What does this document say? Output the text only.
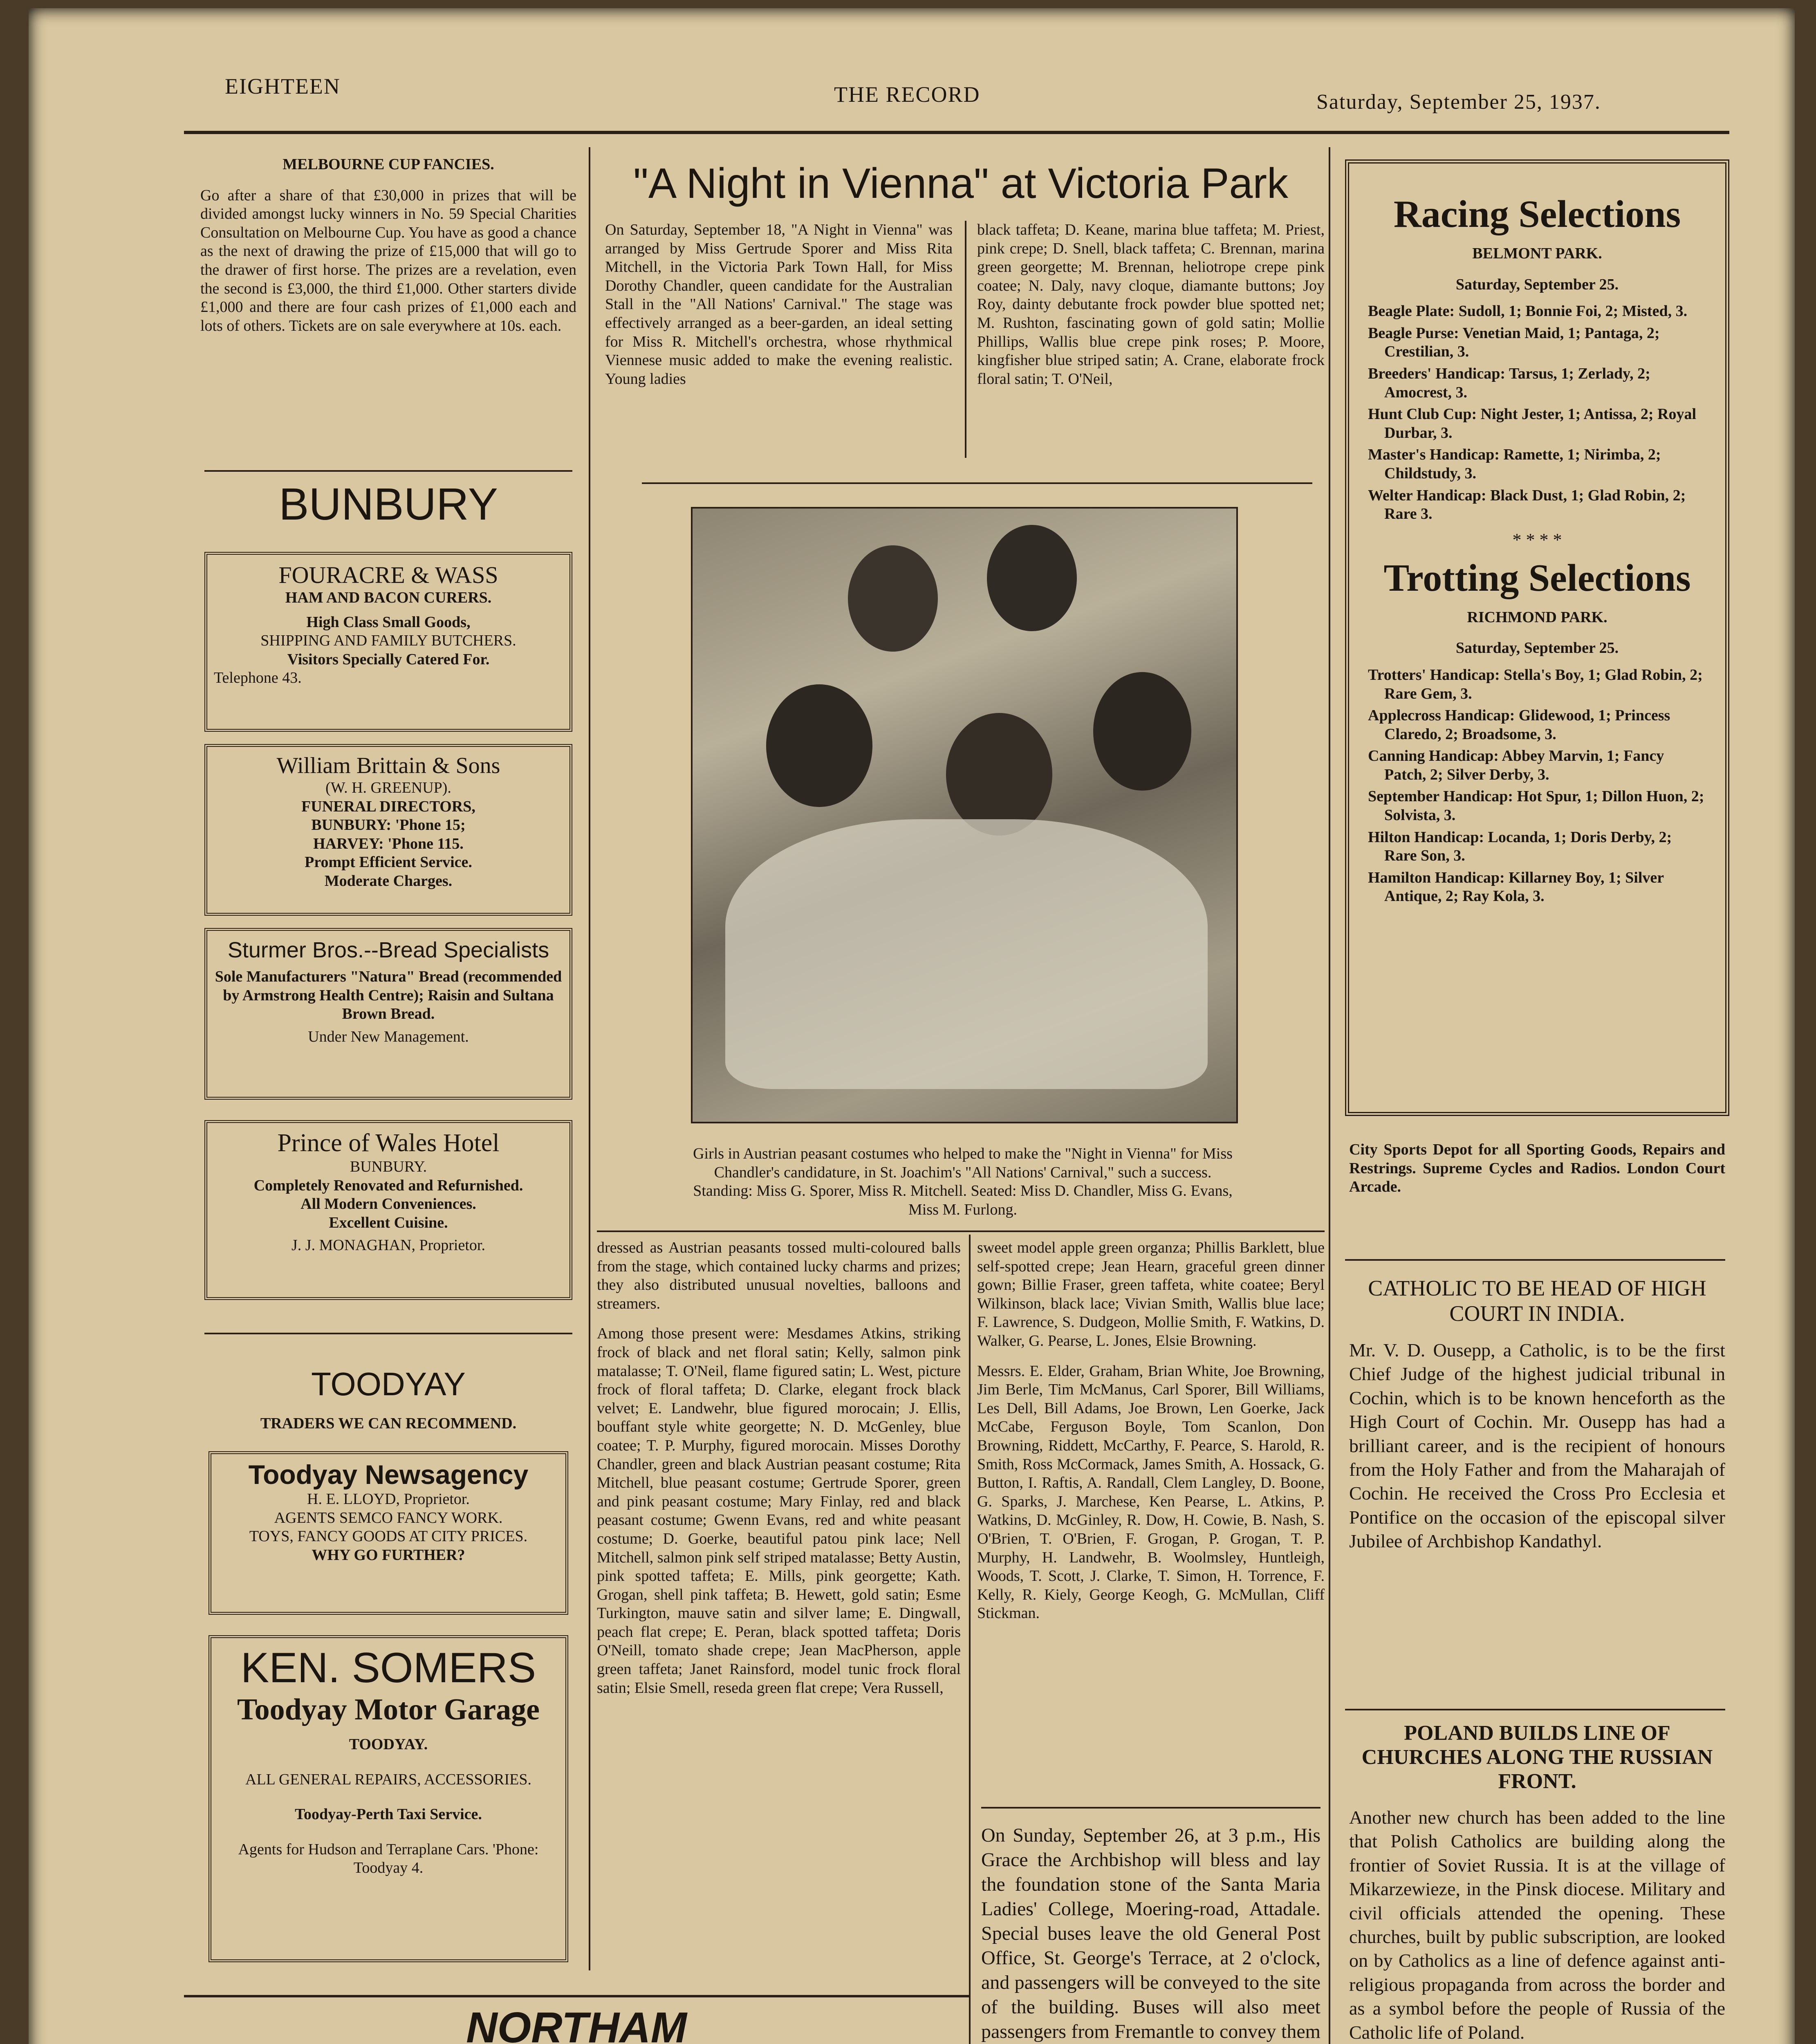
EIGHTEEN	THE RECORD	Saturday, September 25, 1937.
MELBOURNE CUP FANCIES.

Go after a share of that £30,000 in prizes that will be divided amongst lucky winners in No. 59 Special Charities Consultation on Melbourne Cup. You have as good a chance as the next of drawing the prize of £15,000 that will go to the drawer of first horse. The prizes are a revelation, even the second is £3,000, the third £1,000. Other starters divide £1,000 and there are four cash prizes of £1,000 each and lots of others. Tickets are on sale everywhere at 10s. each.

BUNBURY
FOURACRE & WASS
HAM AND BACON CURERS.
High Class Small Goods,
SHIPPING AND FAMILY BUTCHERS.
Visitors Specially Catered For.
Telephone 43.
William Brittain & Sons
(W. H. GREENUP).
FUNERAL DIRECTORS,
BUNBURY: 'Phone 15;
HARVEY: 'Phone 115.
Prompt Efficient Service.
Moderate Charges.
Sturmer Bros.--Bread Specialists
Sole Manufacturers "Natura" Bread (recommended by Armstrong Health Centre); Raisin and Sultana Brown Bread.
Under New Management.
Prince of Wales Hotel
BUNBURY.
Completely Renovated and Refurnished.
All Modern Conveniences.
Excellent Cuisine.
J. J. MONAGHAN, Proprietor.
TOODYAY
TRADERS WE CAN RECOMMEND.
Toodyay Newsagency
H. E. LLOYD, Proprietor.
AGENTS SEMCO FANCY WORK.
TOYS, FANCY GOODS AT CITY PRICES.
WHY GO FURTHER?
KEN. SOMERS
Toodyay Motor Garage
TOODYAY.
ALL GENERAL REPAIRS, ACCESSORIES.
Toodyay-Perth Taxi Service.
Agents for Hudson and Terraplane Cars. 'Phone: Toodyay 4.
"A Night in Vienna" at Victoria Park

On Saturday, September 18, "A Night in Vienna" was arranged by Miss Gertrude Sporer and Miss Rita Mitchell, in the Victoria Park Town Hall, for Miss Dorothy Chandler, queen candidate for the Australian Stall in the "All Nations' Carnival." The stage was effectively arranged as a beer-garden, an ideal setting for Miss R. Mitchell's orchestra, whose rhythmical Viennese music added to make the evening realistic. Young ladies

black taffeta; D. Keane, marina blue taffeta; M. Priest, pink crepe; D. Snell, black taffeta; C. Brennan, marina green georgette; M. Brennan, heliotrope crepe pink coatee; N. Daly, navy cloque, diamante buttons; Joy Roy, dainty debutante frock powder blue spotted net; M. Rushton, fascinating gown of gold satin; Mollie Phillips, Wallis blue crepe pink roses; P. Moore, kingfisher blue striped satin; A. Crane, elaborate frock floral satin; T. O'Neil,

Girls in Austrian peasant costumes who helped to make the "Night in Vienna" for Miss Chandler's candidature, in St. Joachim's "All Nations' Carnival," such a success. Standing: Miss G. Sporer, Miss R. Mitchell. Seated: Miss D. Chandler, Miss G. Evans, Miss M. Furlong.

dressed as Austrian peasants tossed multi-coloured balls from the stage, which contained lucky charms and prizes; they also distributed unusual novelties, balloons and streamers.

Among those present were: Mesdames Atkins, striking frock of black and net floral satin; Kelly, salmon pink matalasse; T. O'Neil, flame figured satin; L. West, picture frock of floral taffeta; D. Clarke, elegant frock black velvet; E. Landwehr, blue figured morocain; J. Ellis, bouffant style white georgette; N. D. McGenley, blue coatee; T. P. Murphy, figured morocain. Misses Dorothy Chandler, green and black Austrian peasant costume; Rita Mitchell, blue peasant costume; Gertrude Sporer, green and pink peasant costume; Mary Finlay, red and black peasant costume; Gwenn Evans, red and white peasant costume; D. Goerke, beautiful patou pink lace; Nell Mitchell, salmon pink self striped matalasse; Betty Austin, pink spotted taffeta; E. Mills, pink georgette; Kath. Grogan, shell pink taffeta; B. Hewett, gold satin; Esme Turkington, mauve satin and silver lame; E. Dingwall, peach flat crepe; E. Peran, black spotted taffeta; Doris O'Neill, tomato shade crepe; Jean MacPherson, apple green taffeta; Janet Rainsford, model tunic frock floral satin; Elsie Smell, reseda green flat crepe; Vera Russell,

sweet model apple green organza; Phillis Barklett, blue self-spotted crepe; Jean Hearn, graceful green dinner gown; Billie Fraser, green taffeta, white coatee; Beryl Wilkinson, black lace; Vivian Smith, Wallis blue lace; F. Lawrence, S. Dudgeon, Mollie Smith, F. Watkins, D. Walker, G. Pearse, L. Jones, Elsie Browning.

Messrs. E. Elder, Graham, Brian White, Joe Browning, Jim Berle, Tim McManus, Carl Sporer, Bill Williams, Les Dell, Bill Adams, Joe Brown, Len Goerke, Jack McCabe, Ferguson Boyle, Tom Scanlon, Don Browning, Riddett, McCarthy, F. Pearce, S. Harold, R. Smith, Ross McCormack, James Smith, A. Hossack, G. Button, I. Raftis, A. Randall, Clem Langley, D. Boone, G. Sparks, J. Marchese, Ken Pearse, L. Atkins, P. Watkins, D. McGinley, R. Dow, H. Cowie, B. Nash, S. O'Brien, T. O'Brien, F. Grogan, P. Grogan, T. P. Murphy, H. Landwehr, B. Woolmsley, Huntleigh, Woods, T. Scott, J. Clarke, T. Simon, H. Torrence, F. Kelly, R. Kiely, George Keogh, G. McMullan, Cliff Stickman.

On Sunday, September 26, at 3 p.m., His Grace the Archbishop will bless and lay the foundation stone of the Santa Maria Ladies' College, Moering-road, Attadale. Special buses leave the old General Post Office, St. George's Terrace, at 2 o'clock, and passengers will be conveyed to the site of the building. Buses will also meet passengers from Fremantle to convey them

Racing Selections
BELMONT PARK.
Saturday, September 25.
Beagle Plate: Sudoll, 1; Bonnie Foi, 2; Misted, 3.
Beagle Purse: Venetian Maid, 1; Pantaga, 2; Crestilian, 3.
Breeders' Handicap: Tarsus, 1; Zerlady, 2; Amocrest, 3.
Hunt Club Cup: Night Jester, 1; Antissa, 2; Royal Durbar, 3.
Master's Handicap: Ramette, 1; Nirimba, 2; Childstudy, 3.
Welter Handicap: Black Dust, 1; Glad Robin, 2; Rare 3.
* * * *
Trotting Selections
RICHMOND PARK.
Saturday, September 25.
Trotters' Handicap: Stella's Boy, 1; Glad Robin, 2; Rare Gem, 3.
Applecross Handicap: Glidewood, 1; Princess Claredo, 2; Broadsome, 3.
Canning Handicap: Abbey Marvin, 1; Fancy Patch, 2; Silver Derby, 3.
September Handicap: Hot Spur, 1; Dillon Huon, 2; Solvista, 3.
Hilton Handicap: Locanda, 1; Doris Derby, 2; Rare Son, 3.
Hamilton Handicap: Killarney Boy, 1; Silver Antique, 2; Ray Kola, 3.
City Sports Depot for all Sporting Goods, Repairs and Restrings. Supreme Cycles and Radios. London Court Arcade.
CATHOLIC TO BE HEAD OF HIGH COURT IN INDIA.

Mr. V. D. Ousepp, a Catholic, is to be the first Chief Judge of the highest judicial tribunal in Cochin, which is to be known henceforth as the High Court of Cochin. Mr. Ousepp has had a brilliant career, and is the recipient of honours from the Holy Father and from the Maharajah of Cochin. He received the Cross Pro Ecclesia et Pontifice on the occasion of the episcopal silver Jubilee of Archbishop Kandathyl.

POLAND BUILDS LINE OF CHURCHES ALONG THE RUSSIAN FRONT.

Another new church has been added to the line that Polish Catholics are building along the frontier of Soviet Russia. It is at the village of Mikarzewieze, in the Pinsk diocese. Military and civil officials attended the opening. These churches, built by public subscription, are looked on by Catholics as a line of defence against anti-religious propaganda from across the border and as a symbol before the people of Russia of the Catholic life of Poland.

NORTHAM
